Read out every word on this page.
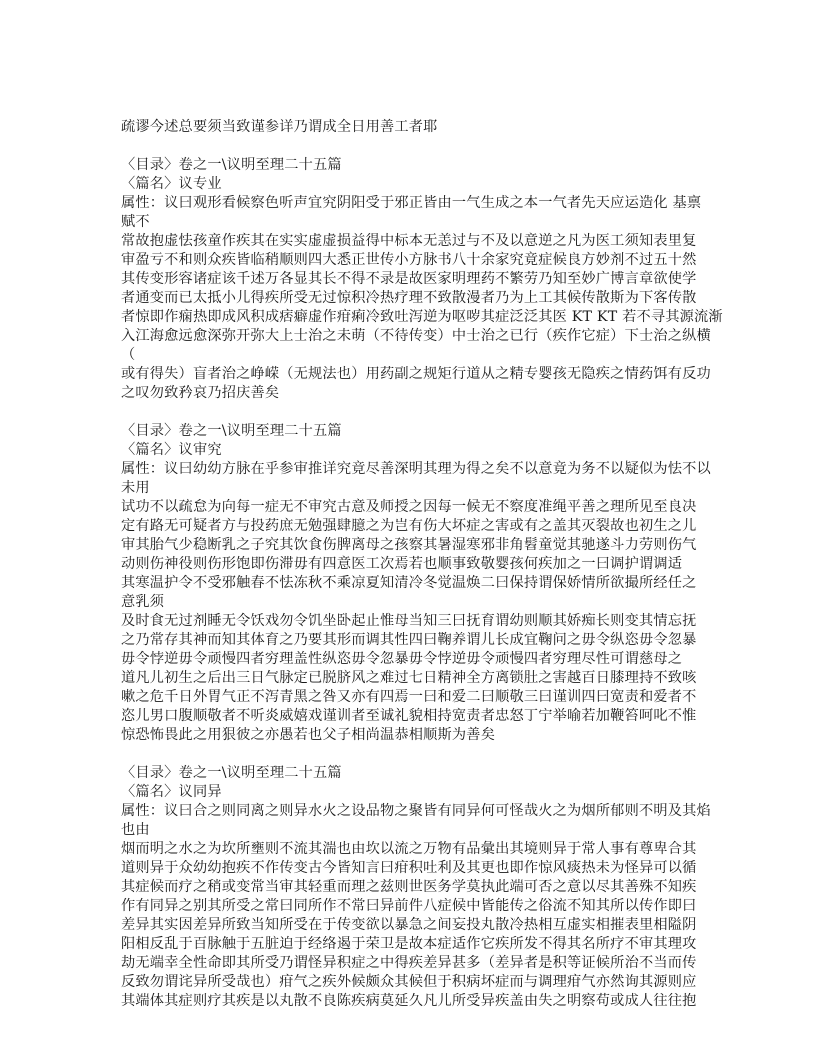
疏谬今述总要须当致谨参详乃谓成全日用善工者耶
〈目录〉卷之一\议明至理二十五篇
〈篇名〉议专业
属性：议曰观形看候察色听声宜究阴阳受于邪正皆由一气生成之本一气者先天应运造化 基禀
赋不
常故抱虚怯孩童作疾其在实实虚虚损益得中标本无恙过与不及以意逆之凡为医工须知表里复
审盈亏不和则众疾皆临稍顺则四大悉正世传小方脉书八十余家究竟症候良方妙剂不过五十然
其传变形容诸症该千述万各显其长不得不录是故医家明理药不繁劳乃知至妙广博言章欲使学
者通变而已太抵小儿得疾所受无过惊积冷热疗理不致散漫者乃为上工其候传散斯为下客传散
者惊即作痫热即成风积成痞癖虚作疳痢冷致吐泻逆为呕哕其症泛泛其医 KT KT 若不寻其源流渐
入江海愈远愈深弥开弥大上士治之未萌（不待传变）中士治之已行（疾作它症）下士治之纵横
（
或有得失）盲者治之峥嵘（无规法也）用药副之规矩行道从之精专婴孩无隐疾之情药饵有反功
之叹勿致矜哀乃招庆善矣
〈目录〉卷之一\议明至理二十五篇
〈篇名〉议审究
属性：议曰幼幼方脉在乎参审推详究竟尽善深明其理为得之矣不以意竟为务不以疑似为怯不以
未用
试功不以疏怠为向每一症无不审究古意及师授之因每一候无不察度准绳平善之理所见至良决
定有路无可疑者方与投药庶无勉强肆臆之为岂有伤大坏症之害或有之盖其灭裂故也初生之儿
审其胎气少稳断乳之子究其饮食伤脾离母之孩察其暑湿寒邪非角髫童觉其驰遂斗力劳则伤气
动则伤神役则伤形饱即伤滞毋有四意医工次焉若也顺事致敬婴孩何疾加之一曰调护谓调适
其寒温护令不受邪触春不怯冻秋不乘凉夏知清冷冬觉温焕二曰保持谓保娇情所欲撮所经任之
意乳须
及时食无过剂睡无令饫戏勿令饥坐卧起止惟母当知三曰抚育谓幼则顺其娇痴长则变其情忘抚
之乃常存其神而知其体育之乃要其形而调其性四曰鞠养谓儿长成宜鞠问之毋令纵恣毋令忽暴
毋令悖逆毋令顽慢四者穷理盖性纵恣毋令忽暴毋令悖逆毋令顽慢四者穷理尽性可谓慈母之
道凡儿初生之后出三日气脉定已脱脐风之难过七日精神全方离锁肚之害越百日膝理持不致咳
嗽之危千日外胃气正不泻青黑之咎又亦有四焉一曰和爱二曰顺敬三曰谨训四曰宽责和爱者不
恣儿男口腹顺敬者不听炎威嬉戏谨训者至诚礼貌相持宽责者忠怒丁宁举喻若加鞭笞呵叱不惟
惊恐怖畏此之用狠彼之亦愚若也父子相尚温恭相顺斯为善矣
〈目录〉卷之一\议明至理二十五篇
〈篇名〉议同异
属性：议曰合之则同离之则异水火之设品物之聚皆有同异何可怪哉火之为烟所郁则不明及其焰
也由
烟而明之水之为坎所壅则不流其湍也由坎以流之万物有品彙出其境则异于常人事有尊卑合其
道则异于众幼幼抱疾不作传变古今皆知言曰疳积吐利及其更也即作惊风痰热未为怪异可以循
其症候而疗之稍或变常当审其轻重而理之兹则世医务学莫执此端可否之意以尽其善殊不知疾
作有同异之别其所受之常曰同所作不常曰异前件八症候中皆能传之俗流不知其所以传作即曰
差异其实因差异所致当知所受在于传变欲以暴急之间妄投丸散冷热相互虚实相摧表里相隘阴
阳相反乱于百脉触于五脏迫于经络遏于荣卫是故本症适作它疾所发不得其名所疗不审其理攻
劫无端幸全性命即其所受乃谓怪异积症之中得疾差异甚多（差异者是积等证候所治不当而传
反致勿谓诧异所受哉也）疳气之疾外候颇众其候但于积病坏症而与调理疳气亦然询其源则应
其端体其症则疗其疾是以丸散不良陈疾病莫延久凡儿所受异疾盖由失之明察苟或成人往往抱
